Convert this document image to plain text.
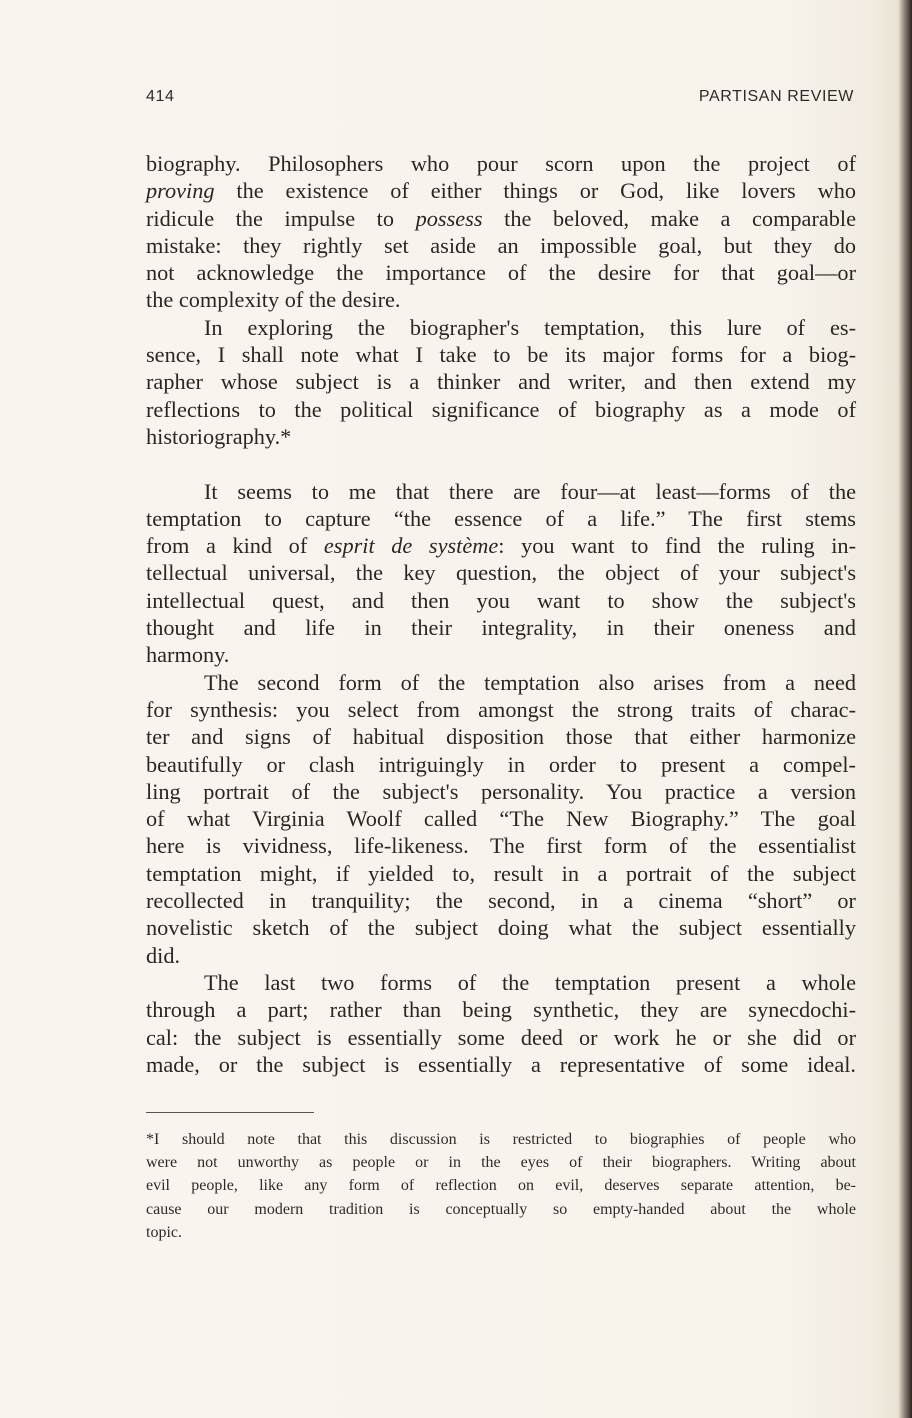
414	PARTISAN REVIEW
biography. Philosophers who pour scorn upon the project of
proving the existence of either things or God, like lovers who
ridicule the impulse to possess the beloved, make a comparable
mistake: they rightly set aside an impossible goal, but they do
not acknowledge the importance of the desire for that goal—or
the complexity of the desire.
In exploring the biographer's temptation, this lure of es-
sence, I shall note what I take to be its major forms for a biog-
rapher whose subject is a thinker and writer, and then extend my
reflections to the political significance of biography as a mode of
historiography.*
It seems to me that there are four—at least—forms of the
temptation to capture “the essence of a life.” The first stems
from a kind of esprit de système: you want to find the ruling in-
tellectual universal, the key question, the object of your subject's
intellectual quest, and then you want to show the subject's
thought and life in their integrality, in their oneness and
harmony.
The second form of the temptation also arises from a need
for synthesis: you select from amongst the strong traits of charac-
ter and signs of habitual disposition those that either harmonize
beautifully or clash intriguingly in order to present a compel-
ling portrait of the subject's personality. You practice a version
of what Virginia Woolf called “The New Biography.” The goal
here is vividness, life-likeness. The first form of the essentialist
temptation might, if yielded to, result in a portrait of the subject
recollected in tranquility; the second, in a cinema “short” or
novelistic sketch of the subject doing what the subject essentially
did.
The last two forms of the temptation present a whole
through a part; rather than being synthetic, they are synecdochi-
cal: the subject is essentially some deed or work he or she did or
made, or the subject is essentially a representative of some ideal.
*I should note that this discussion is restricted to biographies of people who
were not unworthy as people or in the eyes of their biographers. Writing about
evil people, like any form of reflection on evil, deserves separate attention, be-
cause our modern tradition is conceptually so empty-handed about the whole
topic.
